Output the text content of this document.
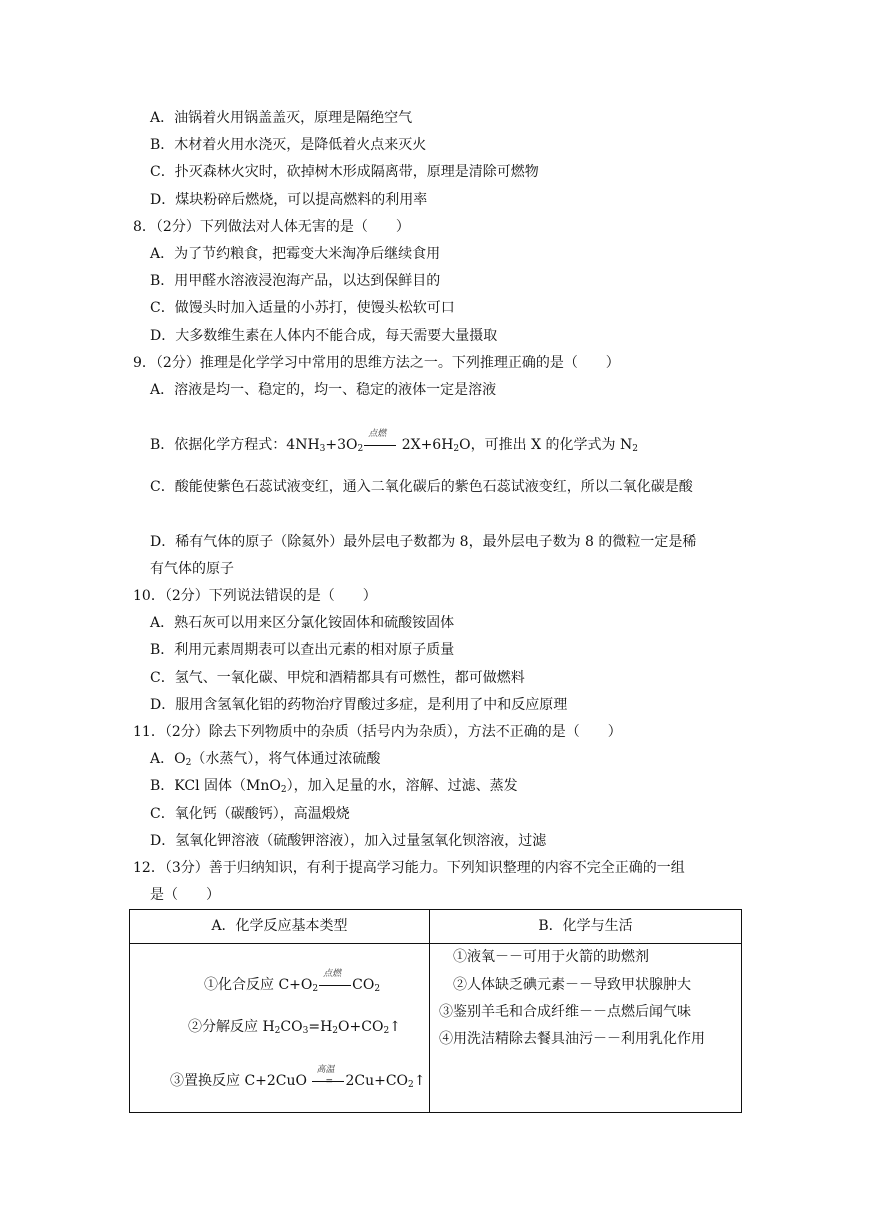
A．油锅着火用锅盖盖灭，原理是隔绝空气
B．木材着火用水浇灭，是降低着火点来灭火
C．扑灭森林火灾时，砍掉树木形成隔离带，原理是清除可燃物
D．煤块粉碎后燃烧，可以提高燃料的利用率
8．（2分）下列做法对人体无害的是（　　）
A．为了节约粮食，把霉变大米淘净后继续食用
B．用甲醛水溶液浸泡海产品，以达到保鲜目的
C．做馒头时加入适量的小苏打，使馒头松软可口
D．大多数维生素在人体内不能合成，每天需要大量摄取
9．（2分）推理是化学学习中常用的思维方法之一。下列推理正确的是（　　）
A．溶液是均一、稳定的，均一、稳定的液体一定是溶液
B．依据化学方程式：$4NH_3+3O_2$
点燃
$2X+6H_2O$，可推出 X 的化学式为 $N_2$
C．酸能使紫色石蕊试液变红，通入二氧化碳后的紫色石蕊试液变红，所以二氧化碳是酸
D．稀有气体的原子（除氦外）最外层电子数都为 8，最外层电子数为 8 的微粒一定是稀
有气体的原子
10．（2分）下列说法错误的是（　　）
A．熟石灰可以用来区分氯化铵固体和硫酸铵固体
B．利用元素周期表可以查出元素的相对原子质量
C．氢气、一氧化碳、甲烷和酒精都具有可燃性，都可做燃料
D．服用含氢氧化铝的药物治疗胃酸过多症，是利用了中和反应原理
11．（2分）除去下列物质中的杂质（括号内为杂质），方法不正确的是（　　）
A．$O_2$（水蒸气），将气体通过浓硫酸
B．KCl 固体（MnO$_2$），加入足量的水，溶解、过滤、蒸发
C．氧化钙（碳酸钙），高温煅烧
D．氢氧化钾溶液（硫酸钾溶液），加入过量氢氧化钡溶液，过滤
12．（3分）善于归纳知识，有利于提高学习能力。下列知识整理的内容不完全正确的一组
是（　　）
A．化学反应基本类型	B．化学与生活
①化合反应 $C+O_2$
点燃
$CO_2$
②分解反应 $H_2CO_3=H_2O+CO_2↑$
③置换反应 C+2CuO
高温
= $2Cu+CO_2↑$
①液氧－－可用于火箭的助燃剂
②人体缺乏碘元素－－导致甲状腺肿大
③鉴别羊毛和合成纤维－－点燃后闻气味
④用洗洁精除去餐具油污－－利用乳化作用
